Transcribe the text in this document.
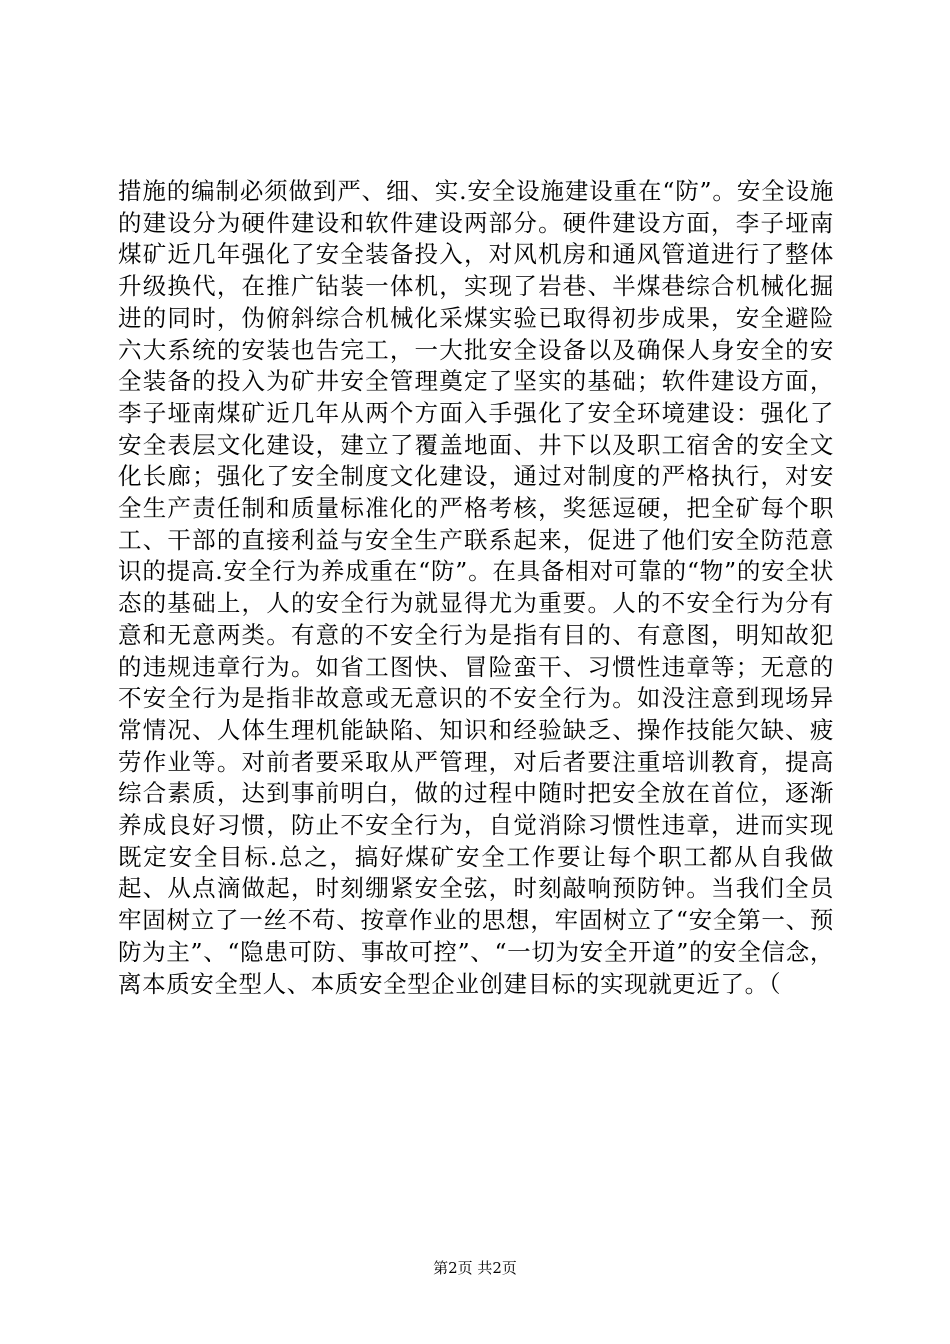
措施的编制必须做到严、细、实.安全设施建设重在“防”。安全设施的建设分为硬件建设和软件建设两部分。硬件建设方面，李子垭南煤矿近几年强化了安全装备投入，对风机房和通风管道进行了整体升级换代，在推广钻装一体机，实现了岩巷、半煤巷综合机械化掘进的同时，伪俯斜综合机械化采煤实验已取得初步成果，安全避险六大系统的安装也告完工，一大批安全设备以及确保人身安全的安全装备的投入为矿井安全管理奠定了坚实的基础；软件建设方面，李子垭南煤矿近几年从两个方面入手强化了安全环境建设：强化了安全表层文化建设，建立了覆盖地面、井下以及职工宿舍的安全文化长廊；强化了安全制度文化建设，通过对制度的严格执行，对安全生产责任制和质量标准化的严格考核，奖惩逗硬，把全矿每个职工、干部的直接利益与安全生产联系起来，促进了他们安全防范意识的提高.安全行为养成重在“防”。在具备相对可靠的“物”的安全状态的基础上，人的安全行为就显得尤为重要。人的不安全行为分有意和无意两类。有意的不安全行为是指有目的、有意图，明知故犯的违规违章行为。如省工图快、冒险蛮干、习惯性违章等；无意的不安全行为是指非故意或无意识的不安全行为。如没注意到现场异常情况、人体生理机能缺陷、知识和经验缺乏、操作技能欠缺、疲劳作业等。对前者要采取从严管理，对后者要注重培训教育，提高综合素质，达到事前明白，做的过程中随时把安全放在首位，逐渐养成良好习惯，防止不安全行为，自觉消除习惯性违章，进而实现既定安全目标.总之，搞好煤矿安全工作要让每个职工都从自我做起、从点滴做起，时刻绷紧安全弦，时刻敲响预防钟。当我们全员牢固树立了一丝不苟、按章作业的思想，牢固树立了“安全第一、预防为主”、“隐患可防、事故可控”、“一切为安全开道”的安全信念，离本质安全型人、本质安全型企业创建目标的实现就更近了。（

第2页 共2页
